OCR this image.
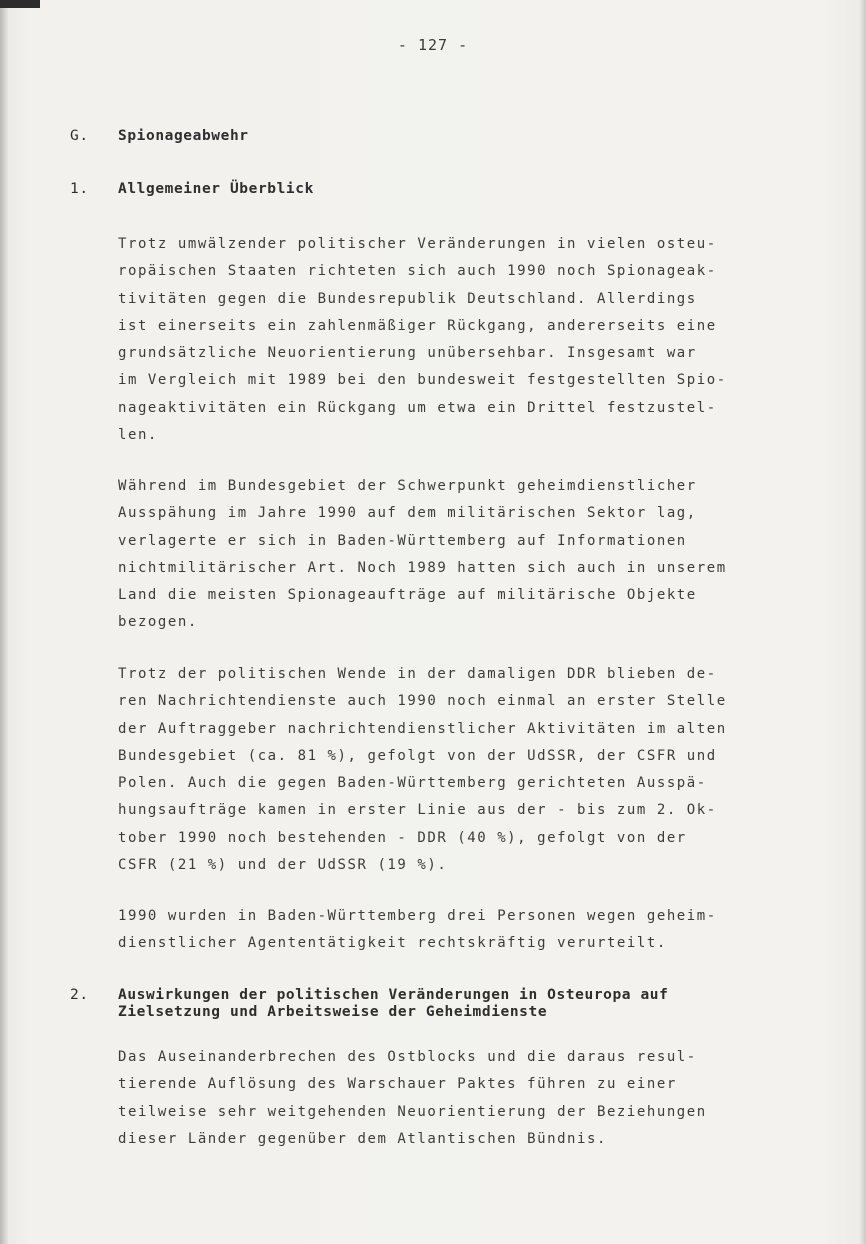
- 127 -
G. Spionageabwehr
1. Allgemeiner Überblick
Trotz umwälzender politischer Veränderungen in vielen osteu-
ropäischen Staaten richteten sich auch 1990 noch Spionageak-
tivitäten gegen die Bundesrepublik Deutschland. Allerdings
ist einerseits ein zahlenmäßiger Rückgang, andererseits eine
grundsätzliche Neuorientierung unübersehbar. Insgesamt war
im Vergleich mit 1989 bei den bundesweit festgestellten Spio-
nageaktivitäten ein Rückgang um etwa ein Drittel festzustel-
len.
Während im Bundesgebiet der Schwerpunkt geheimdienstlicher
Ausspähung im Jahre 1990 auf dem militärischen Sektor lag,
verlagerte er sich in Baden-Württemberg auf Informationen
nichtmilitärischer Art. Noch 1989 hatten sich auch in unserem
Land die meisten Spionageaufträge auf militärische Objekte
bezogen.
Trotz der politischen Wende in der damaligen DDR blieben de-
ren Nachrichtendienste auch 1990 noch einmal an erster Stelle
der Auftraggeber nachrichtendienstlicher Aktivitäten im alten
Bundesgebiet (ca. 81 %), gefolgt von der UdSSR, der CSFR und
Polen. Auch die gegen Baden-Württemberg gerichteten Ausspä-
hungsaufträge kamen in erster Linie aus der - bis zum 2. Ok-
tober 1990 noch bestehenden - DDR (40 %), gefolgt von der
CSFR (21 %) und der UdSSR (19 %).
1990 wurden in Baden-Württemberg drei Personen wegen geheim-
dienstlicher Agententätigkeit rechtskräftig verurteilt.
2. Auswirkungen der politischen Veränderungen in Osteuropa auf
Zielsetzung und Arbeitsweise der Geheimdienste
Das Auseinanderbrechen des Ostblocks und die daraus resul-
tierende Auflösung des Warschauer Paktes führen zu einer
teilweise sehr weitgehenden Neuorientierung der Beziehungen
dieser Länder gegenüber dem Atlantischen Bündnis.
